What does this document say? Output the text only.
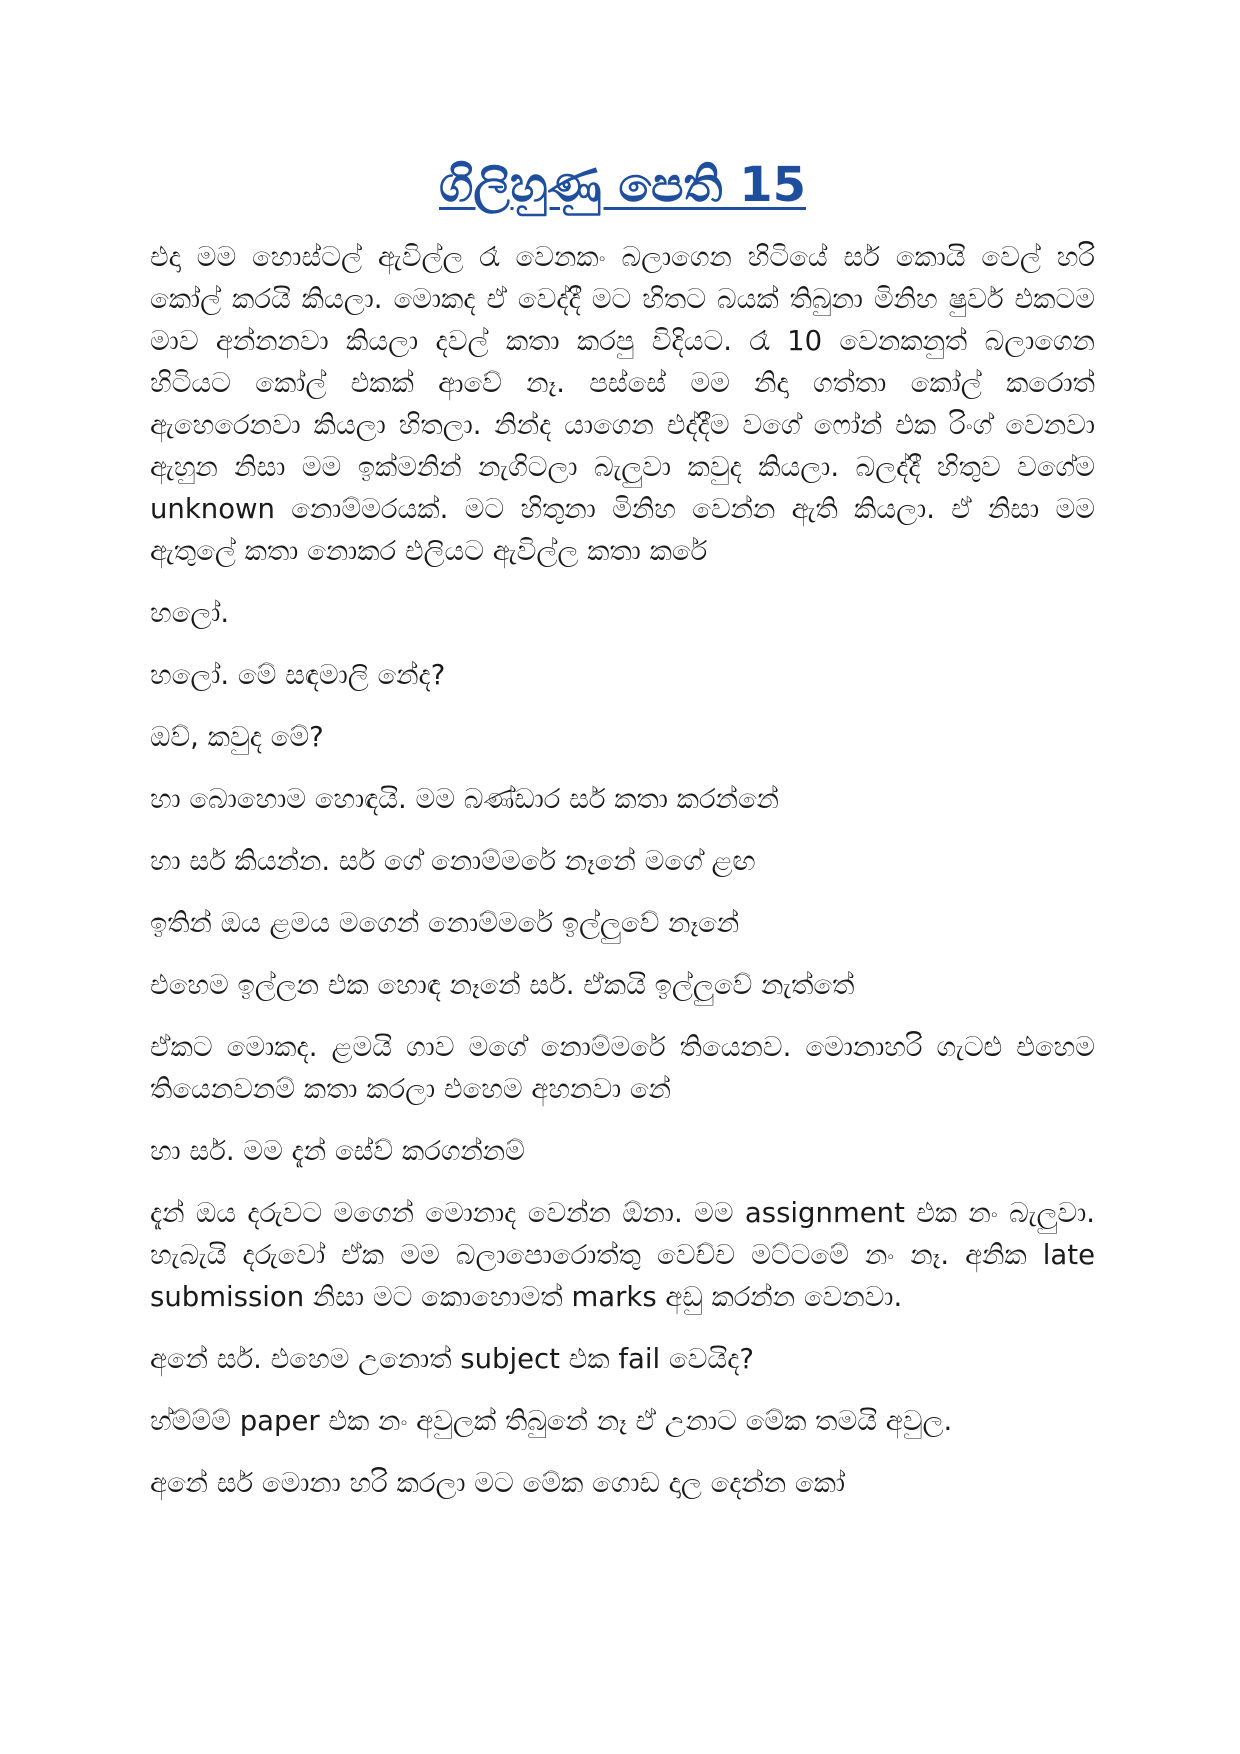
ගිලිහුණු පෙති 15

එදා මම හොස්ටල් ඇවිල්ල රෑ වෙනකං බලාගෙන හිටියේ සර් කොයි වෙල් හරි කෝල් කරයි කියලා. මොකද ඒ වෙද්දී මට හිතට බයක් තිබුනා මිනිහ ෂුවර් එකටම මාව අන්නනවා කියලා දවල් කතා කරපු විදියට. රෑ 10 වෙනකනුත් බලාගෙන හිටියට කෝල් එකක් ආවේ නෑ. පස්සේ මම නිදා ගත්තා කෝල් කරොත් ඇහෙරෙනවා කියලා හිතලා. නින්ද යාගෙන එද්දීම වගේ ෆෝන් එක රිංග් වෙනවා ඇහුන නිසා මම ඉක්මනින් නැගිටලා බැලුවා කවුද කියලා. බලද්දී හිතුව වගේම unknown නොම්මරයක්. මට හිතුනා මිනිහ වෙන්න ඇති කියලා. ඒ නිසා මම ඇතුලේ කතා නොකර එලියට ඇවිල්ල කතා කරේ

හලෝ.

හලෝ. මේ සඳමාලි නේද?

ඔව්, කවුද මේ?

හා බොහොම හොඳයි. මම බණ්ඩාර සර් කතා කරන්නේ

හා සර් කියන්න. සර් ගේ නොම්මරේ නෑනේ මගේ ළඟ

ඉතින් ඔය ළමය මගෙන් නොම්මරේ ඉල්ලුවේ නෑනේ

එහෙම ඉල්ලන එක හොඳ නෑනේ සර්. ඒකයි ඉල්ලුවේ නැත්තේ

ඒකට මොකද. ළමයි ගාව මගේ නොම්මරේ තියෙනව. මොනාහරි ගැටළු එහෙම තියෙනවනම් කතා කරලා එහෙම අහනවා නේ

හා සර්. මම දැන් සේව් කරගන්නම්

දැන් ඔය දරුවට මගෙන් මොනාද වෙන්න ඕනා. මම assignment එක නං බැලුවා. හැබැයි දරුවෝ ඒක මම බලාපොරොත්තු වෙච්ච මට්ටමේ නං නෑ. අනික late submission නිසා මට කොහොමත් marks අඩු කරන්න වෙනවා.

අනේ සර්. එහෙම උනොත් subject එක fail වෙයිද?

හ්ම්ම්ම් paper එක නං අවුලක් තිබුනේ නෑ ඒ උනාට මේක තමයි අවුල.

අනේ සර් මොනා හරි කරලා මට මේක ගොඩ දාල දෙන්න කෝ
